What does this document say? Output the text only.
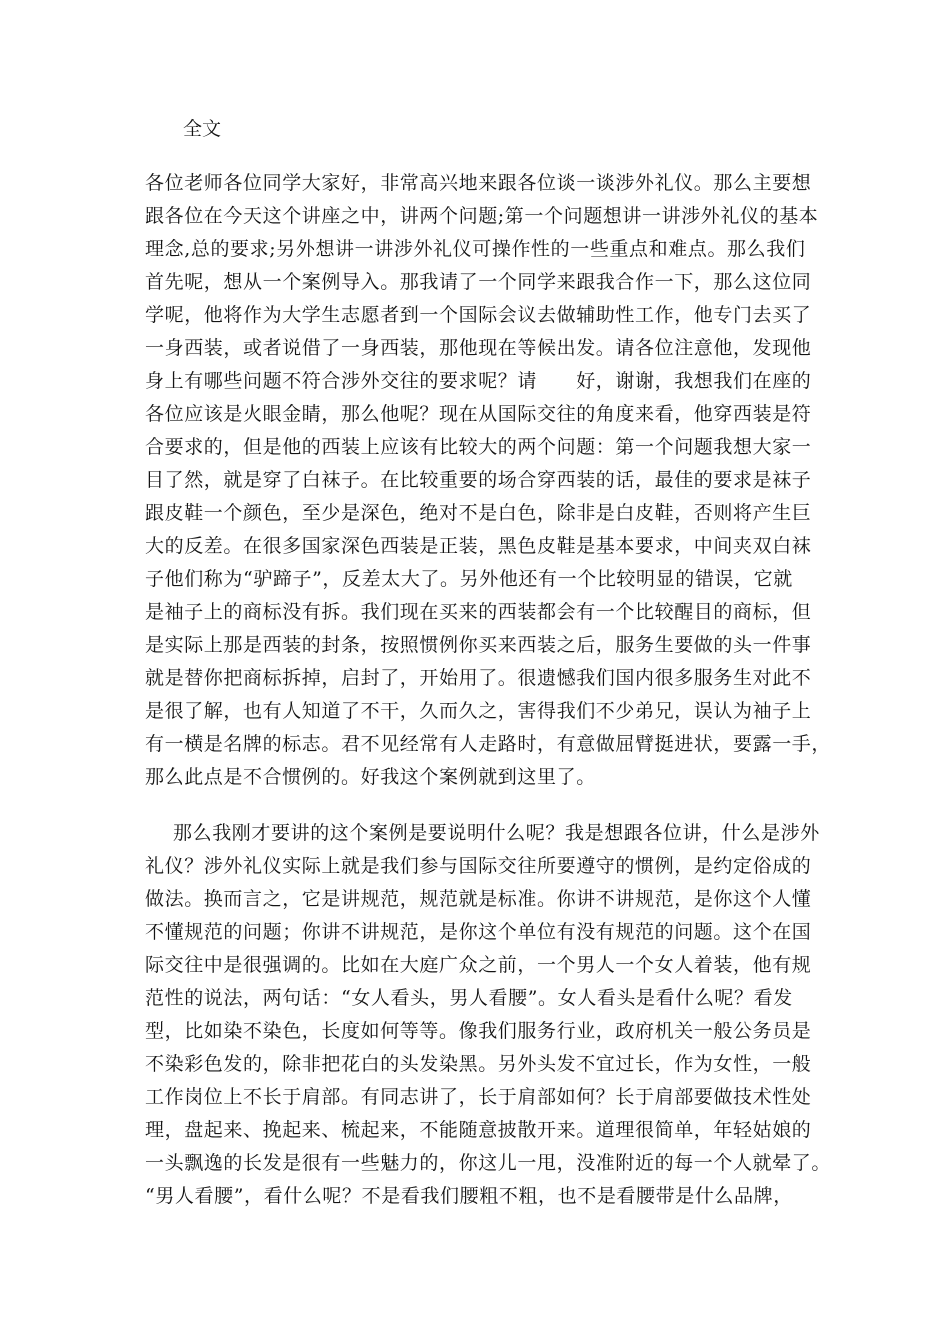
全文
各位老师各位同学大家好，非常高兴地来跟各位谈一谈涉外礼仪。那么主要想
跟各位在今天这个讲座之中，讲两个问题;第一个问题想讲一讲涉外礼仪的基本
理念,总的要求;另外想讲一讲涉外礼仪可操作性的一些重点和难点。那么我们
首先呢，想从一个案例导入。那我请了一个同学来跟我合作一下，那么这位同
学呢，他将作为大学生志愿者到一个国际会议去做辅助性工作，他专门去买了
一身西装，或者说借了一身西装，那他现在等候出发。请各位注意他，发现他
身上有哪些问题不符合涉外交往的要求呢？请　　好，谢谢，我想我们在座的
各位应该是火眼金睛，那么他呢？现在从国际交往的角度来看，他穿西装是符
合要求的，但是他的西装上应该有比较大的两个问题：第一个问题我想大家一
目了然，就是穿了白袜子。在比较重要的场合穿西装的话，最佳的要求是袜子
跟皮鞋一个颜色，至少是深色，绝对不是白色，除非是白皮鞋，否则将产生巨
大的反差。在很多国家深色西装是正装，黑色皮鞋是基本要求，中间夹双白袜
子他们称为“驴蹄子”，反差太大了。另外他还有一个比较明显的错误，它就
是袖子上的商标没有拆。我们现在买来的西装都会有一个比较醒目的商标，但
是实际上那是西装的封条，按照惯例你买来西装之后，服务生要做的头一件事
就是替你把商标拆掉，启封了，开始用了。很遗憾我们国内很多服务生对此不
是很了解，也有人知道了不干，久而久之，害得我们不少弟兄，误认为袖子上
有一横是名牌的标志。君不见经常有人走路时，有意做屈臂挺进状，要露一手，
那么此点是不合惯例的。好我这个案例就到这里了。
那么我刚才要讲的这个案例是要说明什么呢？我是想跟各位讲，什么是涉外
礼仪？涉外礼仪实际上就是我们参与国际交往所要遵守的惯例，是约定俗成的
做法。换而言之，它是讲规范，规范就是标准。你讲不讲规范，是你这个人懂
不懂规范的问题；你讲不讲规范，是你这个单位有没有规范的问题。这个在国
际交往中是很强调的。比如在大庭广众之前，一个男人一个女人着装，他有规
范性的说法，两句话：“女人看头，男人看腰”。女人看头是看什么呢？看发
型，比如染不染色，长度如何等等。像我们服务行业，政府机关一般公务员是
不染彩色发的，除非把花白的头发染黑。另外头发不宜过长，作为女性，一般
工作岗位上不长于肩部。有同志讲了，长于肩部如何？长于肩部要做技术性处
理，盘起来、挽起来、梳起来，不能随意披散开来。道理很简单，年轻姑娘的
一头飘逸的长发是很有一些魅力的，你这儿一甩，没准附近的每一个人就晕了。
“男人看腰”，看什么呢？不是看我们腰粗不粗，也不是看腰带是什么品牌，
